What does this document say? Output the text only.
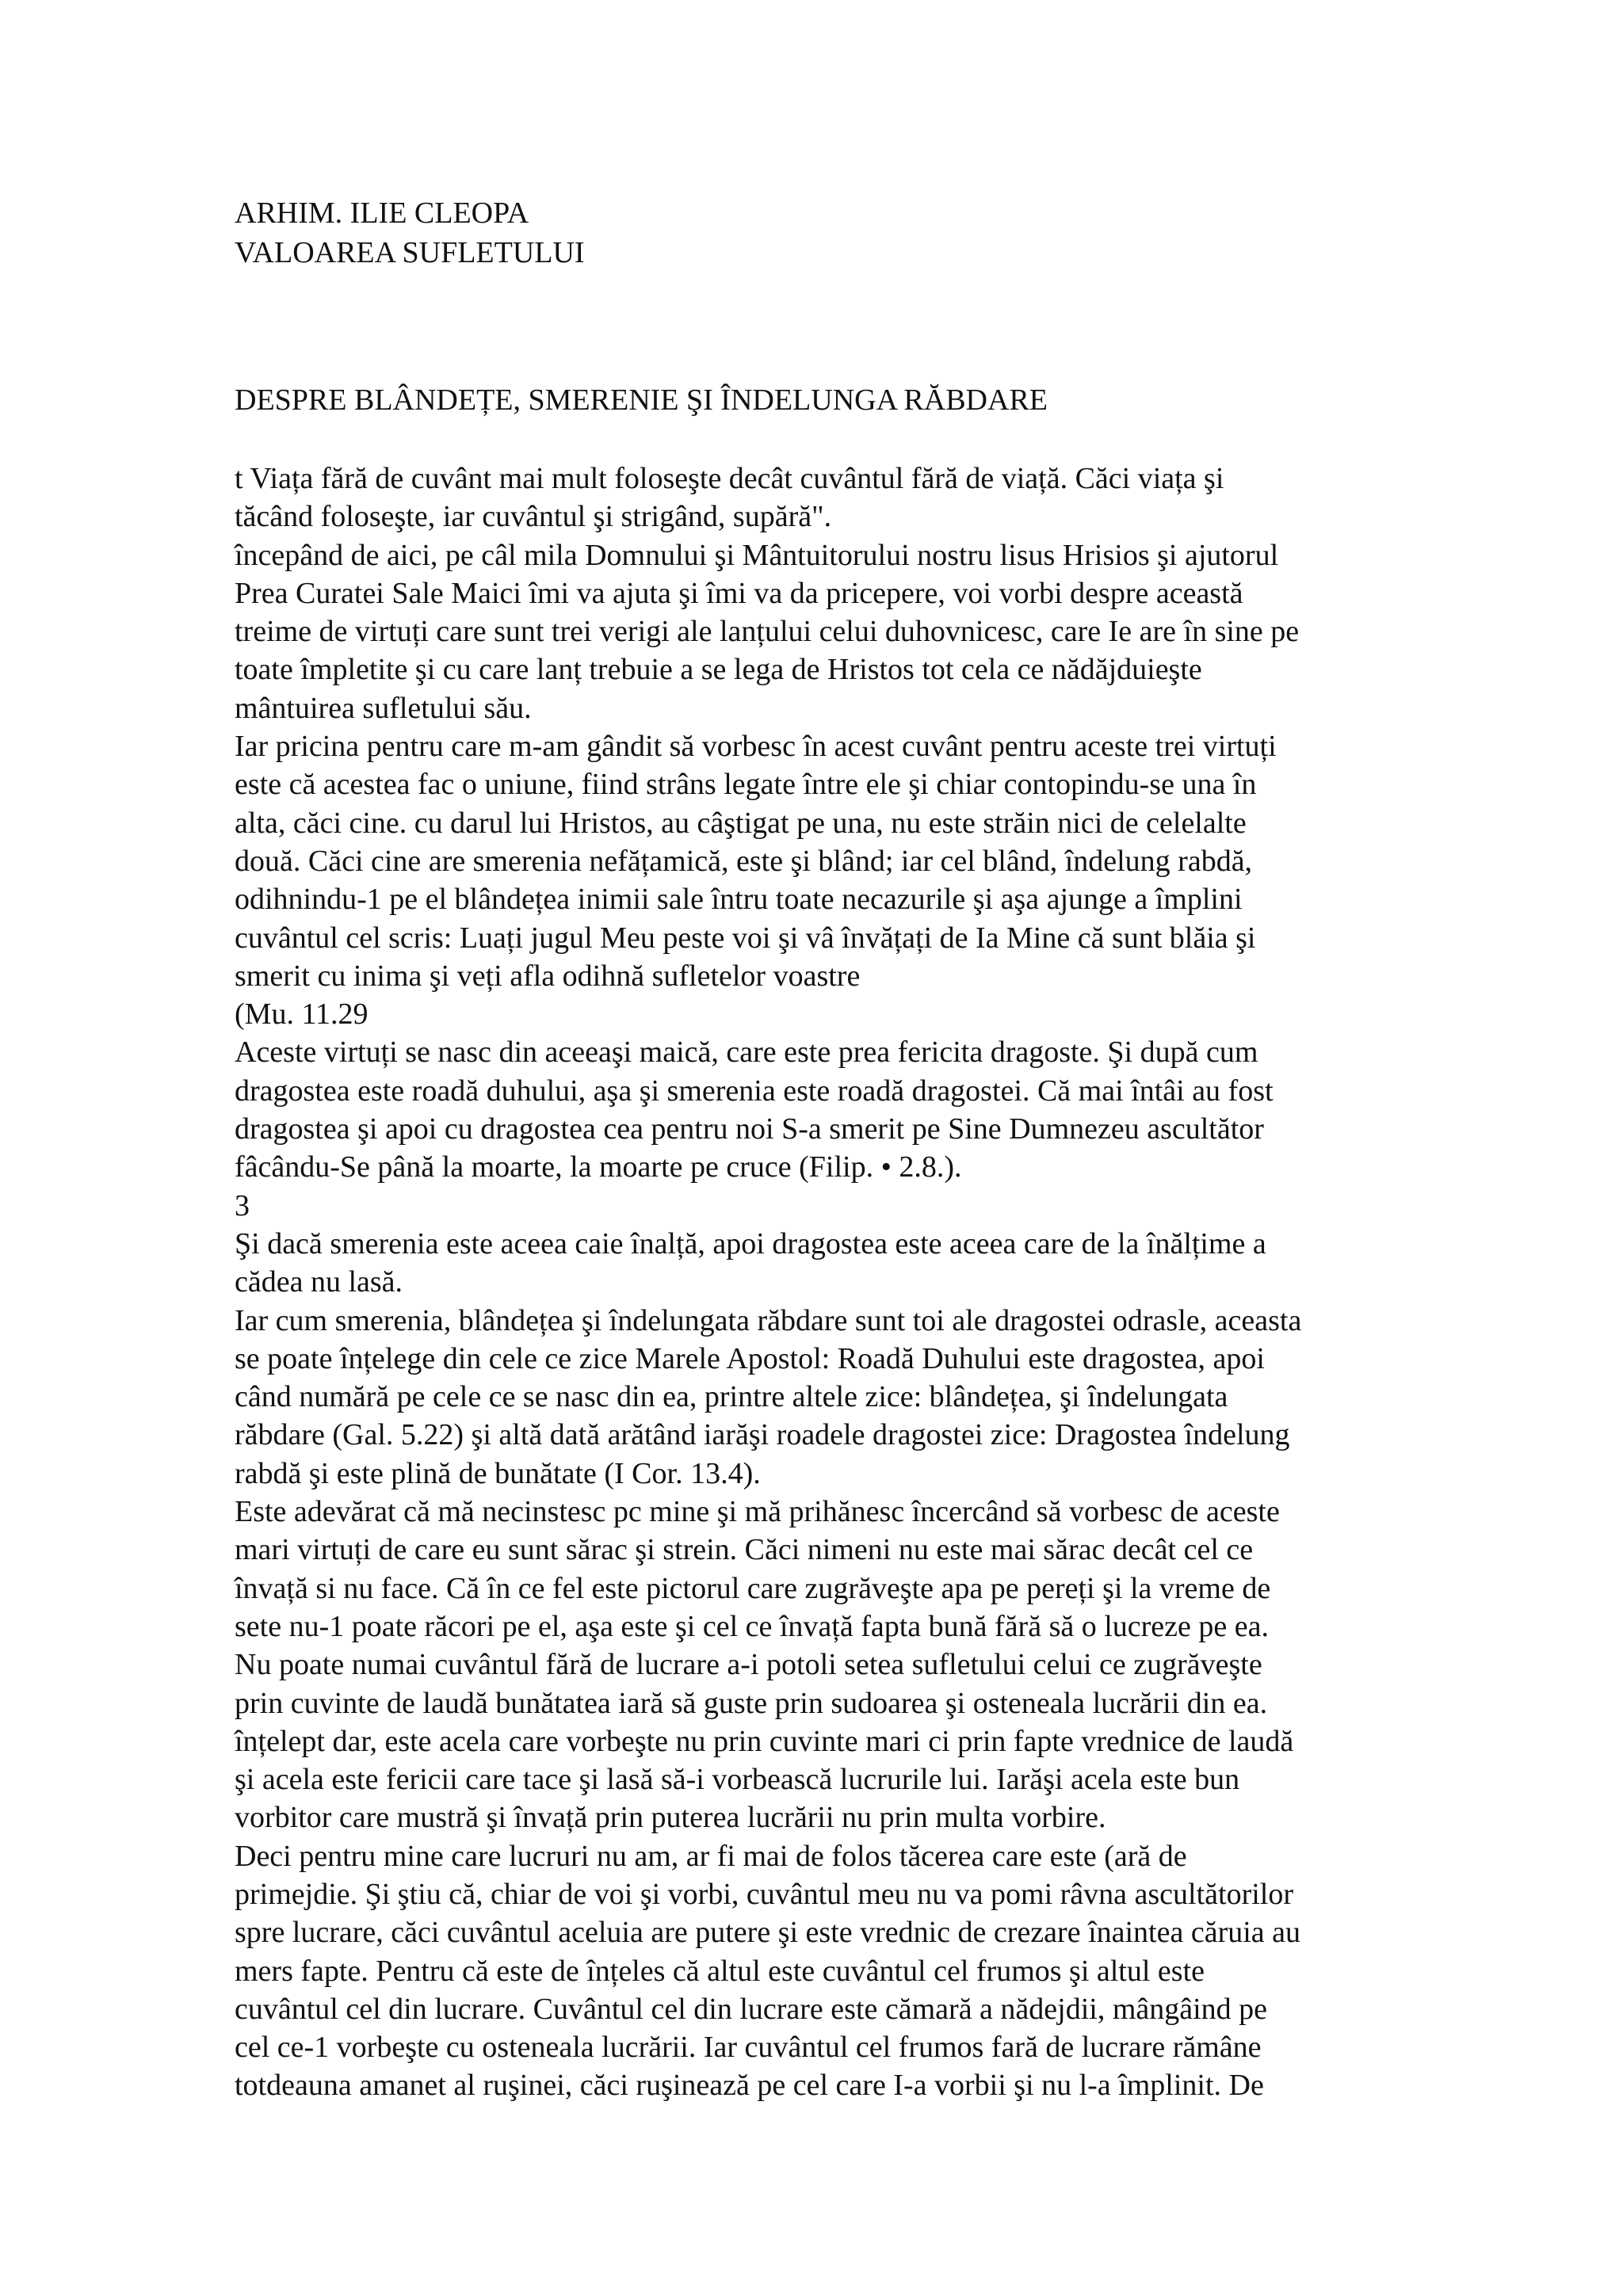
ARHIM. ILIE CLEOPA
VALOAREA SUFLETULUI
DESPRE BLÂNDEȚE, SMERENIE ŞI ÎNDELUNGA RĂBDARE
t Viața fără de cuvânt mai mult foloseşte decât cuvântul fără de viață. Căci viața şi
tăcând foloseşte, iar cuvântul şi strigând, supără".
începând de aici, pe câl mila Domnului şi Mântuitorului nostru lisus Hrisios şi ajutorul
Prea Curatei Sale Maici îmi va ajuta şi îmi va da pricepere, voi vorbi despre această
treime de virtuți care sunt trei verigi ale lanțului celui duhovnicesc, care Ie are în sine pe
toate împletite şi cu care lanț trebuie a se lega de Hristos tot cela ce nădăjduieşte
mântuirea sufletului său.
Iar pricina pentru care m-am gândit să vorbesc în acest cuvânt pentru aceste trei virtuți
este că acestea fac o uniune, fiind strâns legate între ele şi chiar contopindu-se una în
alta, căci cine. cu darul lui Hristos, au câştigat pe una, nu este străin nici de celelalte
două. Căci cine are smerenia nefățamică, este şi blând; iar cel blând, îndelung rabdă,
odihnindu-1 pe el blândețea inimii sale întru toate necazurile şi aşa ajunge a împlini
cuvântul cel scris: Luați jugul Meu peste voi şi vâ învățați de Ia Mine că sunt blăia şi
smerit cu inima şi veți afla odihnă sufletelor voastre
(Mu. 11.29
Aceste virtuți se nasc din aceeaşi maică, care este prea fericita dragoste. Şi după cum
dragostea este roadă duhului, aşa şi smerenia este roadă dragostei. Că mai întâi au fost
dragostea şi apoi cu dragostea cea pentru noi S-a smerit pe Sine Dumnezeu ascultător
fâcându-Se până la moarte, la moarte pe cruce (Filip. • 2.8.).
3
Şi dacă smerenia este aceea caie înalță, apoi dragostea este aceea care de la înălțime a
cădea nu lasă.
Iar cum smerenia, blândețea şi îndelungata răbdare sunt toi ale dragostei odrasle, aceasta
se poate înțelege din cele ce zice Marele Apostol: Roadă Duhului este dragostea, apoi
când numără pe cele ce se nasc din ea, printre altele zice: blândețea, şi îndelungata
răbdare (Gal. 5.22) şi altă dată arătând iarăşi roadele dragostei zice: Dragostea îndelung
rabdă şi este plină de bunătate (I Cor. 13.4).
Este adevărat că mă necinstesc pc mine şi mă prihănesc încercând să vorbesc de aceste
mari virtuți de care eu sunt sărac şi strein. Căci nimeni nu este mai sărac decât cel ce
învață si nu face. Că în ce fel este pictorul care zugrăveşte apa pe pereți şi la vreme de
sete nu-1 poate răcori pe el, aşa este şi cel ce învață fapta bună fără să o lucreze pe ea.
Nu poate numai cuvântul fără de lucrare a-i potoli setea sufletului celui ce zugrăveşte
prin cuvinte de laudă bunătatea iară să guste prin sudoarea şi osteneala lucrării din ea.
înțelept dar, este acela care vorbeşte nu prin cuvinte mari ci prin fapte vrednice de laudă
şi acela este fericii care tace şi lasă să-i vorbească lucrurile lui. Iarăşi acela este bun
vorbitor care mustră şi învață prin puterea lucrării nu prin multa vorbire.
Deci pentru mine care lucruri nu am, ar fi mai de folos tăcerea care este (ară de
primejdie. Şi ştiu că, chiar de voi şi vorbi, cuvântul meu nu va pomi râvna ascultătorilor
spre lucrare, căci cuvântul aceluia are putere şi este vrednic de crezare înaintea căruia au
mers fapte. Pentru că este de înțeles că altul este cuvântul cel frumos şi altul este
cuvântul cel din lucrare. Cuvântul cel din lucrare este cămară a nădejdii, mângâind pe
cel ce-1 vorbeşte cu osteneala lucrării. Iar cuvântul cel frumos fară de lucrare rămâne
totdeauna amanet al ruşinei, căci ruşinează pe cel care I-a vorbii şi nu l-a împlinit. De
